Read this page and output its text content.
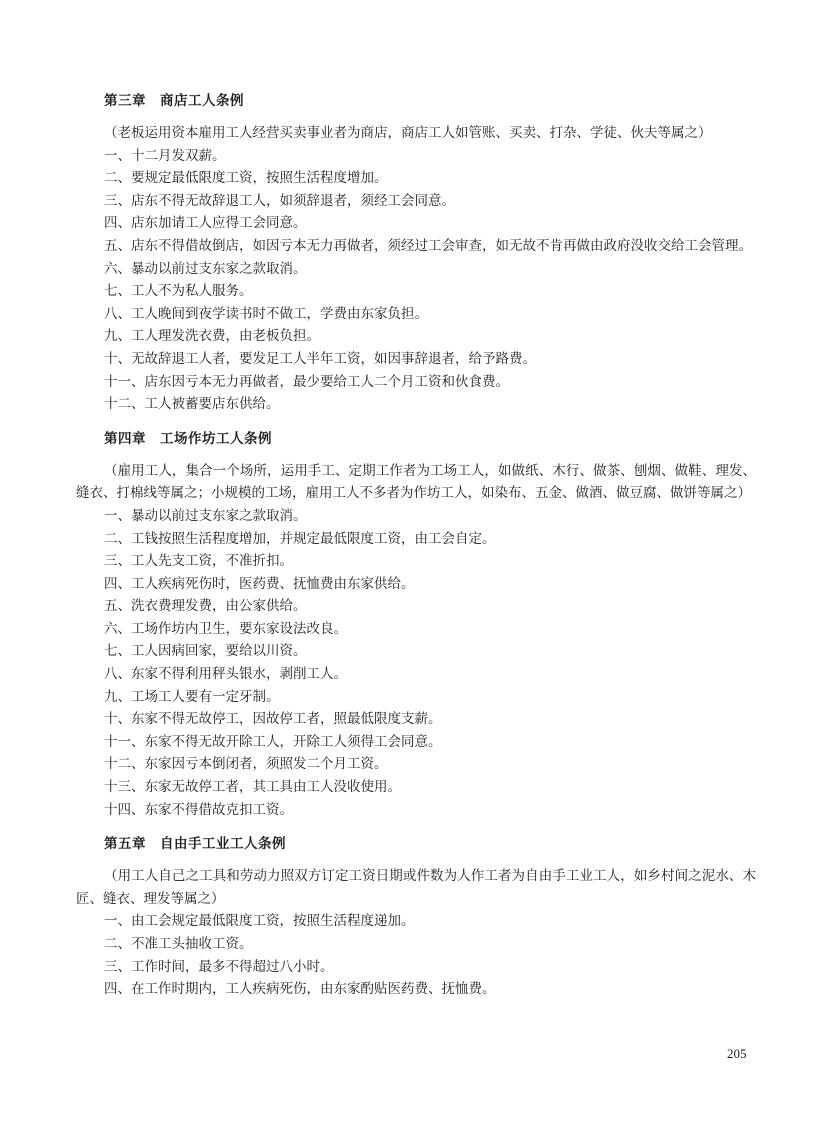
第三章 商店工人条例

（老板运用资本雇用工人经营买卖事业者为商店，商店工人如管账、买卖、打杂、学徒、伙夫等属之）

一、十二月发双薪。

二、要规定最低限度工资，按照生活程度增加。

三、店东不得无故辞退工人，如须辞退者，须经工会同意。

四、店东加请工人应得工会同意。

五、店东不得借故倒店，如因亏本无力再做者，须经过工会审查，如无故不肯再做由政府没收交给工会管理。

六、暴动以前过支东家之款取消。

七、工人不为私人服务。

八、工人晚间到夜学读书时不做工，学费由东家负担。

九、工人理发洗衣费，由老板负担。

十、无故辞退工人者，要发足工人半年工资，如因事辞退者，给予路费。

十一、店东因亏本无力再做者，最少要给工人二个月工资和伙食费。

十二、工人被蓄要店东供给。

第四章 工场作坊工人条例

（雇用工人，集合一个场所，运用手工、定期工作者为工场工人，如做纸、木行、做茶、刨烟、做鞋、理发、缝衣、打棉线等属之；小规模的工场，雇用工人不多者为作坊工人，如染布、五金、做酒、做豆腐、做饼等属之）

一、暴动以前过支东家之款取消。

二、工钱按照生活程度增加，并规定最低限度工资，由工会自定。

三、工人先支工资，不准折扣。

四、工人疾病死伤时，医药费、抚恤费由东家供给。

五、洗衣费理发费，由公家供给。

六、工场作坊内卫生，要东家设法改良。

七、工人因病回家，要给以川资。

八、东家不得利用秤头银水，剥削工人。

九、工场工人要有一定牙制。

十、东家不得无故停工，因故停工者，照最低限度支薪。

十一、东家不得无故开除工人，开除工人须得工会同意。

十二、东家因亏本倒闭者，须照发二个月工资。

十三、东家无故停工者，其工具由工人没收使用。

十四、东家不得借故克扣工资。

第五章 自由手工业工人条例

（用工人自己之工具和劳动力照双方订定工资日期或件数为人作工者为自由手工业工人，如乡村间之泥水、木匠、缝衣、理发等属之）

一、由工会规定最低限度工资，按照生活程度递加。

二、不准工头抽收工资。

三、工作时间，最多不得超过八小时。

四、在工作时期内，工人疾病死伤，由东家酌贴医药费、抚恤费。

205
